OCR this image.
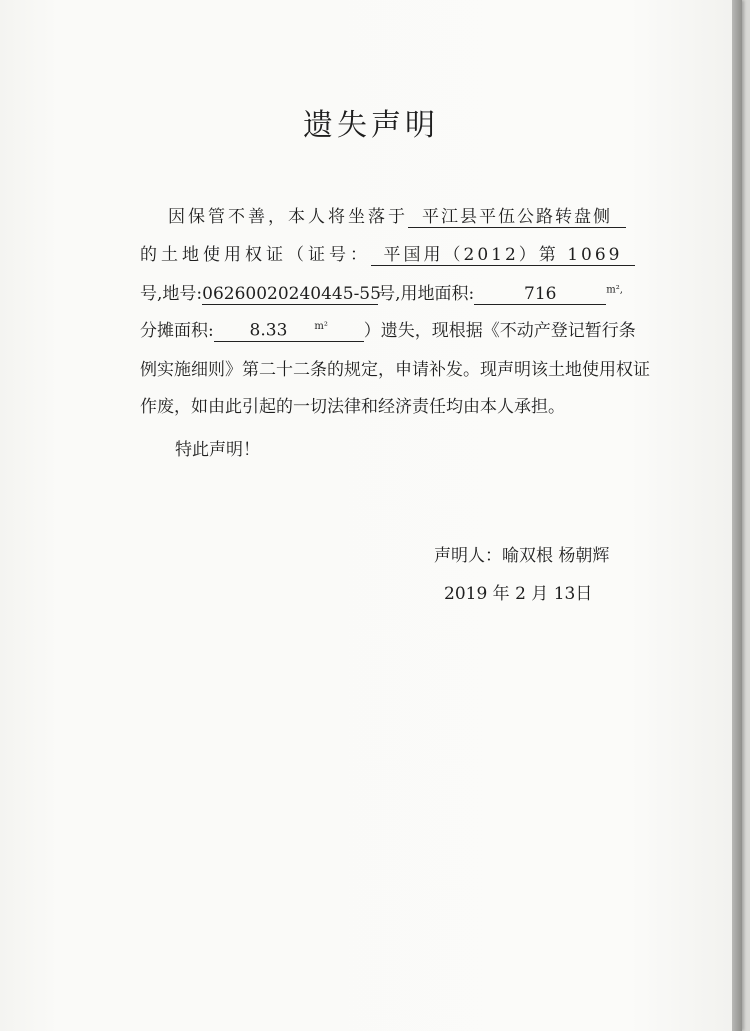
遗失声明
因保管不善，本人将坐落于 平江县平伍公路转盘侧
的土地使用权证（证号： 平国用（2012）第 1069
号,地号:06260020240445-55号,用地面积:	716	$^{m^2,}$
分摊面积: 8.33	$^{m^2}$ ）遗失，现根据《不动产登记暂行条
例实施细则》第二十二条的规定，申请补发。现声明该土地使用权证
作废，如由此引起的一切法律和经济责任均由本人承担。
特此声明！
声明人：喻双根 杨朝辉
2019 年 2 月 13日
